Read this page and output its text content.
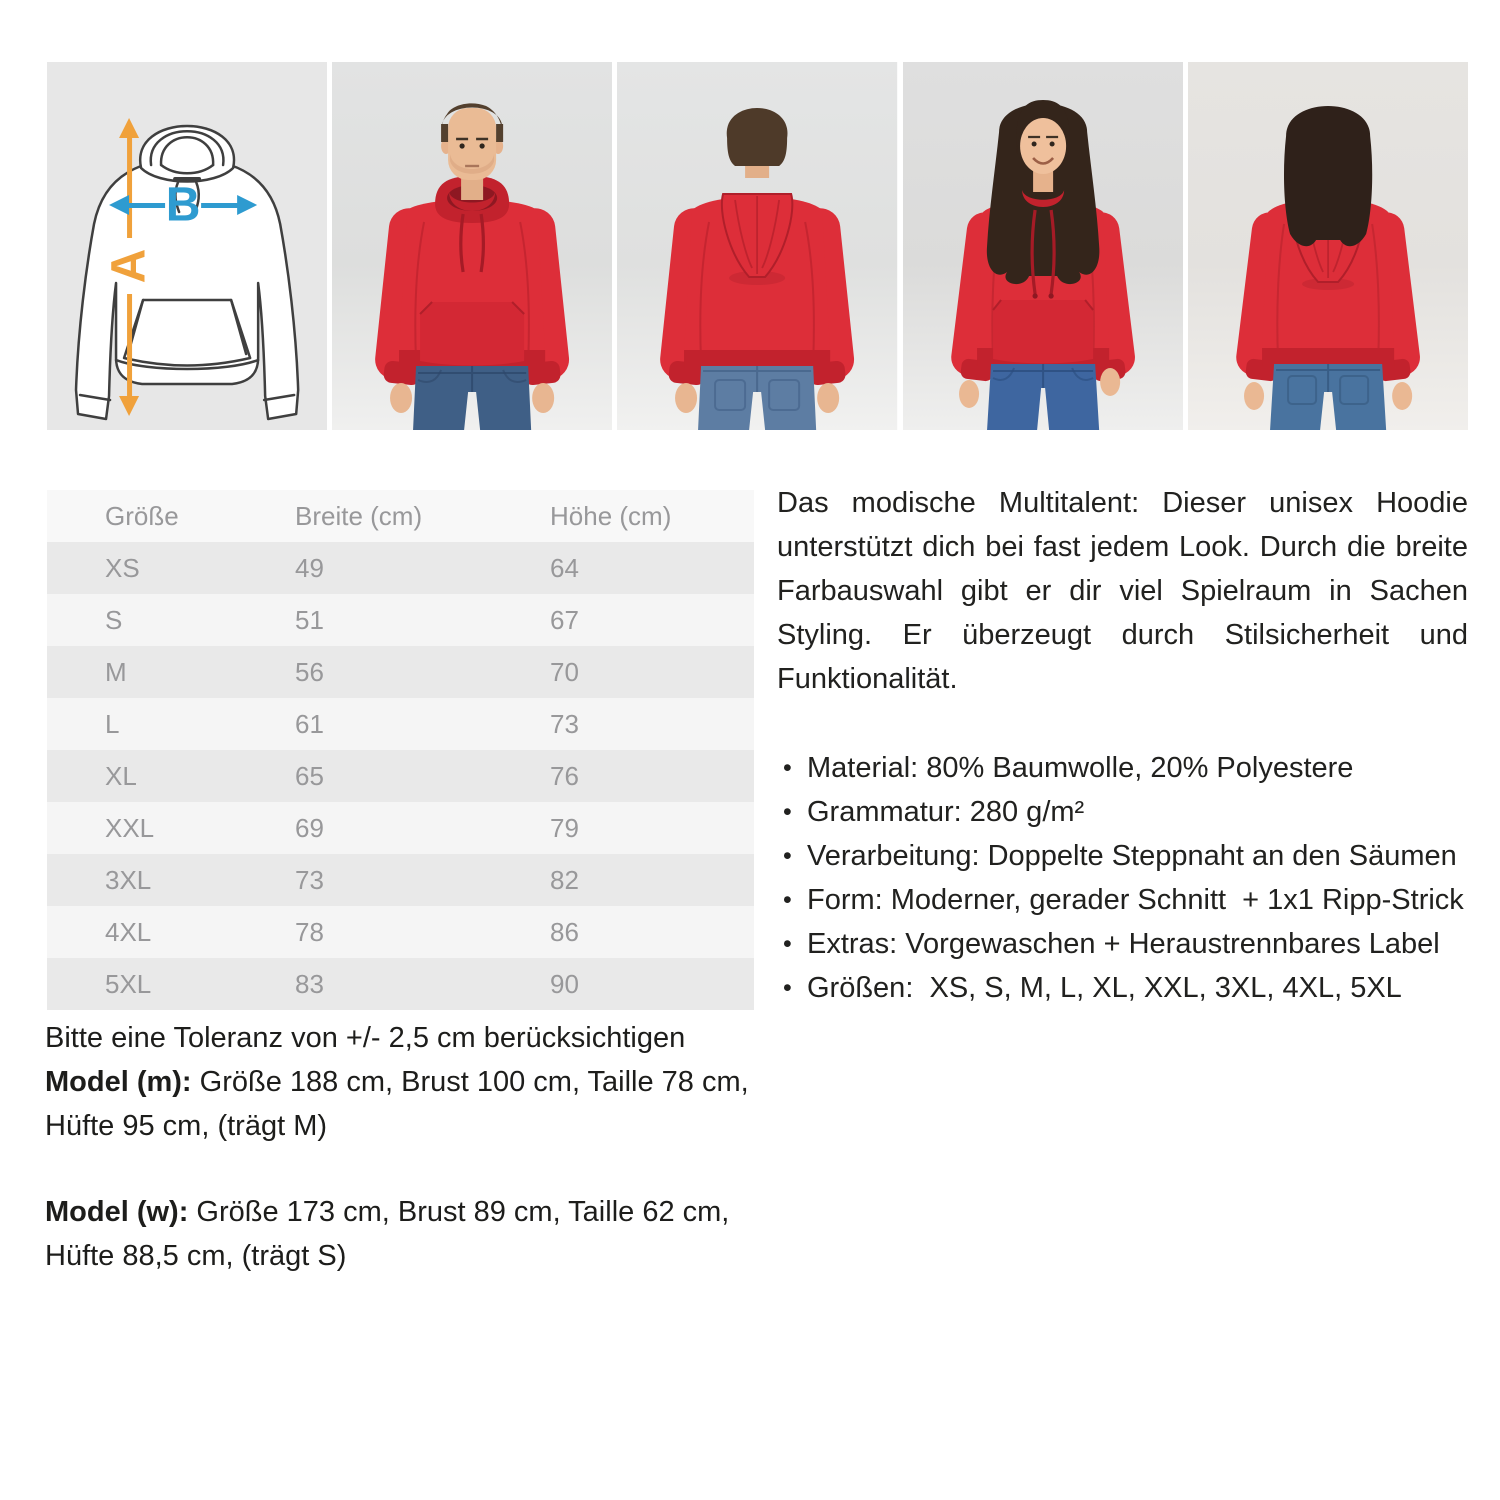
A
B
Größe	Breite (cm)	Höhe (cm)
XS	49	64
S	51	67
M	56	70
L	61	73
XL	65	76
XXL	69	79
3XL	73	82
4XL	78	86
5XL	83	90

Bitte eine Toleranz von +/- 2,5 cm berücksichtigen

Model (m): Größe 188 cm, Brust 100 cm, Taille 78 cm, Hüfte 95 cm, (trägt M)

Model (w): Größe 173 cm, Brust 89 cm, Taille 62 cm, Hüfte 88,5 cm, (trägt S)

Das modische Multitalent: Dieser unisex Hoodie unterstützt dich bei fast jedem Look. Durch die breite Farbauswahl gibt er dir viel Spielraum in Sachen Styling. Er überzeugt durch Stilsicherheit und Funktionalität.

• Material: 80% Baumwolle, 20% Polyestere
• Grammatur: 280 g/m²
• Verarbeitung: Doppelte Steppnaht an den Säumen
• Form: Moderner, gerader Schnitt  + 1x1 Ripp-Strick
• Extras: Vorgewaschen + Heraustrennbares Label
• Größen:  XS, S, M, L, XL, XXL, 3XL, 4XL, 5XL
